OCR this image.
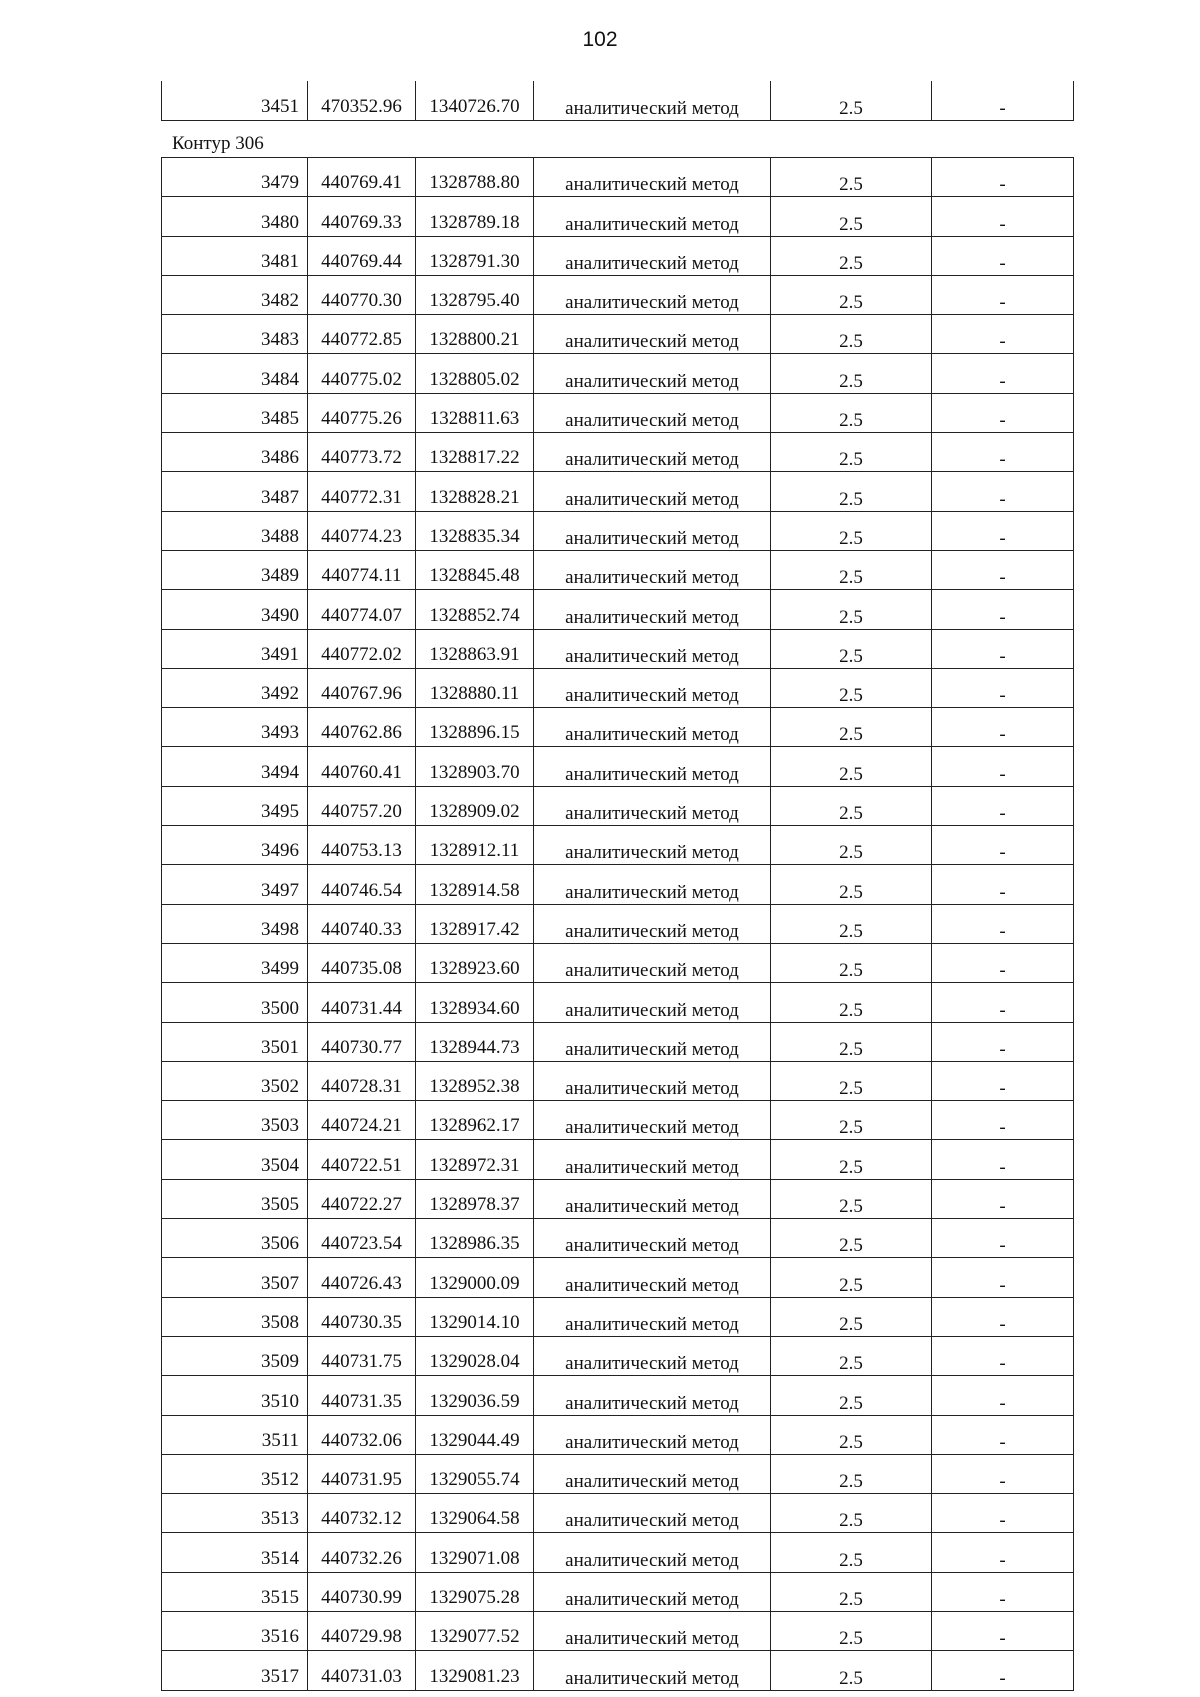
102
3451	470352.96	1340726.70	аналитический метод	2.5	-
Контур 306
3479	440769.41	1328788.80	аналитический метод	2.5	-
3480	440769.33	1328789.18	аналитический метод	2.5	-
3481	440769.44	1328791.30	аналитический метод	2.5	-
3482	440770.30	1328795.40	аналитический метод	2.5	-
3483	440772.85	1328800.21	аналитический метод	2.5	-
3484	440775.02	1328805.02	аналитический метод	2.5	-
3485	440775.26	1328811.63	аналитический метод	2.5	-
3486	440773.72	1328817.22	аналитический метод	2.5	-
3487	440772.31	1328828.21	аналитический метод	2.5	-
3488	440774.23	1328835.34	аналитический метод	2.5	-
3489	440774.11	1328845.48	аналитический метод	2.5	-
3490	440774.07	1328852.74	аналитический метод	2.5	-
3491	440772.02	1328863.91	аналитический метод	2.5	-
3492	440767.96	1328880.11	аналитический метод	2.5	-
3493	440762.86	1328896.15	аналитический метод	2.5	-
3494	440760.41	1328903.70	аналитический метод	2.5	-
3495	440757.20	1328909.02	аналитический метод	2.5	-
3496	440753.13	1328912.11	аналитический метод	2.5	-
3497	440746.54	1328914.58	аналитический метод	2.5	-
3498	440740.33	1328917.42	аналитический метод	2.5	-
3499	440735.08	1328923.60	аналитический метод	2.5	-
3500	440731.44	1328934.60	аналитический метод	2.5	-
3501	440730.77	1328944.73	аналитический метод	2.5	-
3502	440728.31	1328952.38	аналитический метод	2.5	-
3503	440724.21	1328962.17	аналитический метод	2.5	-
3504	440722.51	1328972.31	аналитический метод	2.5	-
3505	440722.27	1328978.37	аналитический метод	2.5	-
3506	440723.54	1328986.35	аналитический метод	2.5	-
3507	440726.43	1329000.09	аналитический метод	2.5	-
3508	440730.35	1329014.10	аналитический метод	2.5	-
3509	440731.75	1329028.04	аналитический метод	2.5	-
3510	440731.35	1329036.59	аналитический метод	2.5	-
3511	440732.06	1329044.49	аналитический метод	2.5	-
3512	440731.95	1329055.74	аналитический метод	2.5	-
3513	440732.12	1329064.58	аналитический метод	2.5	-
3514	440732.26	1329071.08	аналитический метод	2.5	-
3515	440730.99	1329075.28	аналитический метод	2.5	-
3516	440729.98	1329077.52	аналитический метод	2.5	-
3517	440731.03	1329081.23	аналитический метод	2.5	-
